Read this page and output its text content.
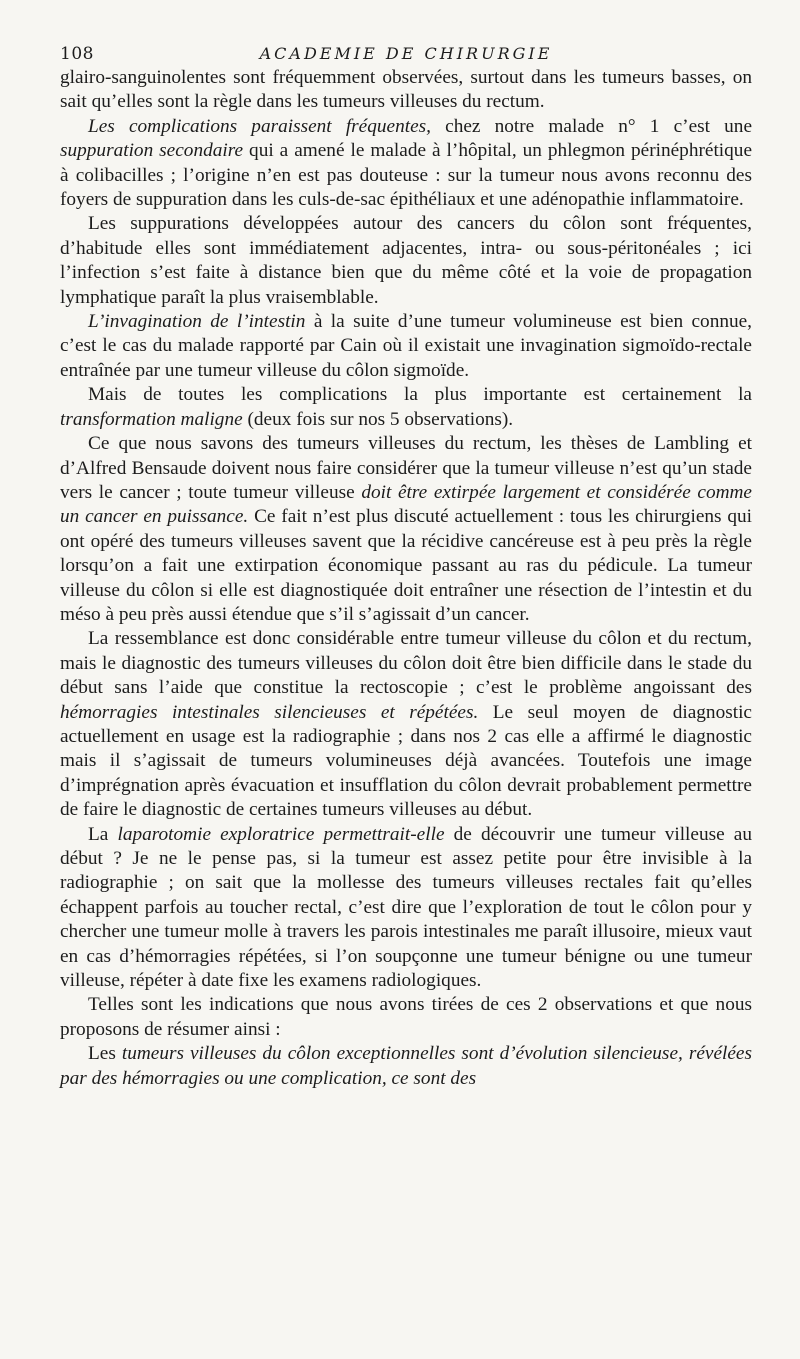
108	ACADEMIE DE CHIRURGIE

glairo-sanguinolentes sont fréquemment observées, surtout dans les tumeurs basses, on sait qu’elles sont la règle dans les tumeurs villeuses du rectum.

Les complications paraissent fréquentes, chez notre malade n° 1 c’est une suppuration secondaire qui a amené le malade à l’hôpital, un phlegmon périnéphrétique à colibacilles ; l’origine n’en est pas douteuse : sur la tumeur nous avons reconnu des foyers de suppuration dans les culs-de-sac épithéliaux et une adénopathie inflammatoire.

Les suppurations développées autour des cancers du côlon sont fréquentes, d’habitude elles sont immédiatement adjacentes, intra- ou sous-péritonéales ; ici l’infection s’est faite à distance bien que du même côté et la voie de propagation lymphatique paraît la plus vraisemblable.

L’invagination de l’intestin à la suite d’une tumeur volumineuse est bien connue, c’est le cas du malade rapporté par Cain où il existait une invagination sigmoïdo-rectale entraînée par une tumeur villeuse du côlon sigmoïde.

Mais de toutes les complications la plus importante est certainement la transformation maligne (deux fois sur nos 5 observations).

Ce que nous savons des tumeurs villeuses du rectum, les thèses de Lambling et d’Alfred Bensaude doivent nous faire considérer que la tumeur villeuse n’est qu’un stade vers le cancer ; toute tumeur villeuse doit être extirpée largement et considérée comme un cancer en puissance. Ce fait n’est plus discuté actuellement : tous les chirurgiens qui ont opéré des tumeurs villeuses savent que la récidive cancéreuse est à peu près la règle lorsqu’on a fait une extirpation économique passant au ras du pédicule. La tumeur villeuse du côlon si elle est diagnostiquée doit entraîner une résection de l’intestin et du méso à peu près aussi étendue que s’il s’agissait d’un cancer.

La ressemblance est donc considérable entre tumeur villeuse du côlon et du rectum, mais le diagnostic des tumeurs villeuses du côlon doit être bien difficile dans le stade du début sans l’aide que constitue la rectoscopie ; c’est le problème angoissant des hémorragies intestinales silencieuses et répétées. Le seul moyen de diagnostic actuellement en usage est la radiographie ; dans nos 2 cas elle a affirmé le diagnostic mais il s’agissait de tumeurs volumineuses déjà avancées. Toutefois une image d’imprégnation après évacuation et insufflation du côlon devrait probablement permettre de faire le diagnostic de certaines tumeurs villeuses au début.

La laparotomie exploratrice permettrait-elle de découvrir une tumeur villeuse au début ? Je ne le pense pas, si la tumeur est assez petite pour être invisible à la radiographie ; on sait que la mollesse des tumeurs villeuses rectales fait qu’elles échappent parfois au toucher rectal, c’est dire que l’exploration de tout le côlon pour y chercher une tumeur molle à travers les parois intestinales me paraît illusoire, mieux vaut en cas d’hémorragies répétées, si l’on soupçonne une tumeur bénigne ou une tumeur villeuse, répéter à date fixe les examens radiologiques.

Telles sont les indications que nous avons tirées de ces 2 observations et que nous proposons de résumer ainsi :

Les tumeurs villeuses du côlon exceptionnelles sont d’évolution silencieuse, révélées par des hémorragies ou une complication, ce sont des
